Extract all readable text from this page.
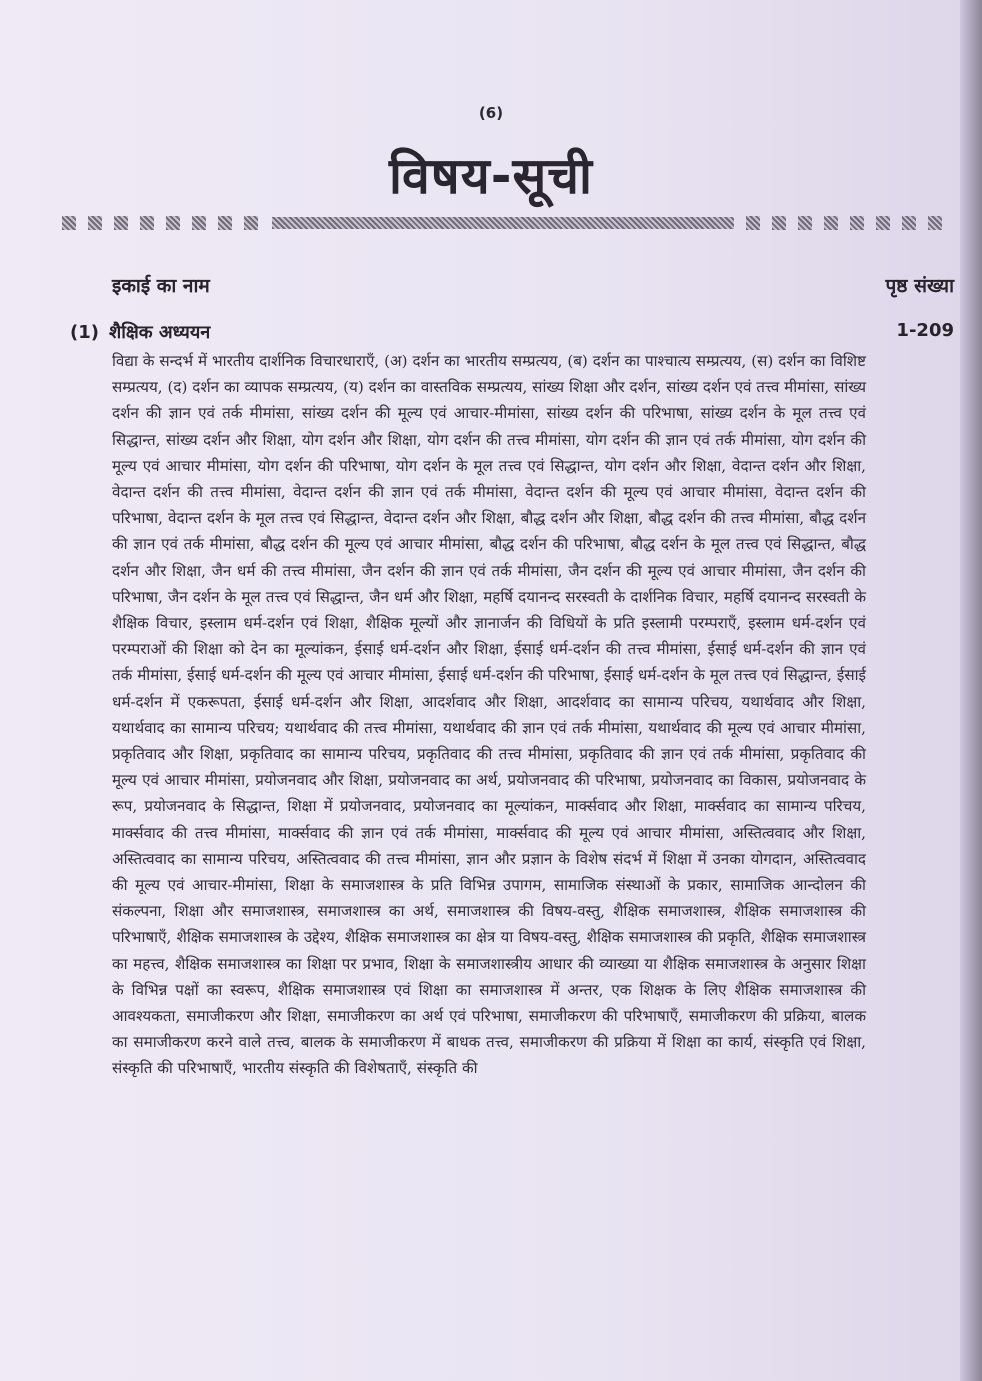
(6)
विषय-सूची
इकाई का नाम	पृष्ठ संख्या
(1) शैक्षिक अध्ययन	1-209
विद्या के सन्दर्भ में भारतीय दार्शनिक विचारधाराएँ, (अ) दर्शन का भारतीय सम्प्रत्यय, (ब) दर्शन का पाश्चात्य सम्प्रत्यय, (स) दर्शन का विशिष्ट सम्प्रत्यय, (द) दर्शन का व्यापक सम्प्रत्यय, (य) दर्शन का वास्तविक सम्प्रत्यय, सांख्य शिक्षा और दर्शन, सांख्य दर्शन एवं तत्त्व मीमांसा, सांख्य दर्शन की ज्ञान एवं तर्क मीमांसा, सांख्य दर्शन की मूल्य एवं आचार-मीमांसा, सांख्य दर्शन की परिभाषा, सांख्य दर्शन के मूल तत्त्व एवं सिद्धान्त, सांख्य दर्शन और शिक्षा, योग दर्शन और शिक्षा, योग दर्शन की तत्त्व मीमांसा, योग दर्शन की ज्ञान एवं तर्क मीमांसा, योग दर्शन की मूल्य एवं आचार मीमांसा, योग दर्शन की परिभाषा, योग दर्शन के मूल तत्त्व एवं सिद्धान्त, योग दर्शन और शिक्षा, वेदान्त दर्शन और शिक्षा, वेदान्त दर्शन की तत्त्व मीमांसा, वेदान्त दर्शन की ज्ञान एवं तर्क मीमांसा, वेदान्त दर्शन की मूल्य एवं आचार मीमांसा, वेदान्त दर्शन की परिभाषा, वेदान्त दर्शन के मूल तत्त्व एवं सिद्धान्त, वेदान्त दर्शन और शिक्षा, बौद्ध दर्शन और शिक्षा, बौद्ध दर्शन की तत्त्व मीमांसा, बौद्ध दर्शन की ज्ञान एवं तर्क मीमांसा, बौद्ध दर्शन की मूल्य एवं आचार मीमांसा, बौद्ध दर्शन की परिभाषा, बौद्ध दर्शन के मूल तत्त्व एवं सिद्धान्त, बौद्ध दर्शन और शिक्षा, जैन धर्म की तत्त्व मीमांसा, जैन दर्शन की ज्ञान एवं तर्क मीमांसा, जैन दर्शन की मूल्य एवं आचार मीमांसा, जैन दर्शन की परिभाषा, जैन दर्शन के मूल तत्त्व एवं सिद्धान्त, जैन धर्म और शिक्षा, महर्षि दयानन्द सरस्वती के दार्शनिक विचार, महर्षि दयानन्द सरस्वती के शैक्षिक विचार, इस्लाम धर्म-दर्शन एवं शिक्षा, शैक्षिक मूल्यों और ज्ञानार्जन की विधियों के प्रति इस्लामी परम्पराएँ, इस्लाम धर्म-दर्शन एवं परम्पराओं की शिक्षा को देन का मूल्यांकन, ईसाई धर्म-दर्शन और शिक्षा, ईसाई धर्म-दर्शन की तत्त्व मीमांसा, ईसाई धर्म-दर्शन की ज्ञान एवं तर्क मीमांसा, ईसाई धर्म-दर्शन की मूल्य एवं आचार मीमांसा, ईसाई धर्म-दर्शन की परिभाषा, ईसाई धर्म-दर्शन के मूल तत्त्व एवं सिद्धान्त, ईसाई धर्म-दर्शन में एकरूपता, ईसाई धर्म-दर्शन और शिक्षा, आदर्शवाद और शिक्षा, आदर्शवाद का सामान्य परिचय, यथार्थवाद और शिक्षा, यथार्थवाद का सामान्य परिचय; यथार्थवाद की तत्त्व मीमांसा, यथार्थवाद की ज्ञान एवं तर्क मीमांसा, यथार्थवाद की मूल्य एवं आचार मीमांसा, प्रकृतिवाद और शिक्षा, प्रकृतिवाद का सामान्य परिचय, प्रकृतिवाद की तत्त्व मीमांसा, प्रकृतिवाद की ज्ञान एवं तर्क मीमांसा, प्रकृतिवाद की मूल्य एवं आचार मीमांसा, प्रयोजनवाद और शिक्षा, प्रयोजनवाद का अर्थ, प्रयोजनवाद की परिभाषा, प्रयोजनवाद का विकास, प्रयोजनवाद के रूप, प्रयोजनवाद के सिद्धान्त, शिक्षा में प्रयोजनवाद, प्रयोजनवाद का मूल्यांकन, मार्क्सवाद और शिक्षा, मार्क्सवाद का सामान्य परिचय, मार्क्सवाद की तत्त्व मीमांसा, मार्क्सवाद की ज्ञान एवं तर्क मीमांसा, मार्क्सवाद की मूल्य एवं आचार मीमांसा, अस्तित्ववाद और शिक्षा, अस्तित्ववाद का सामान्य परिचय, अस्तित्ववाद की तत्त्व मीमांसा, ज्ञान और प्रज्ञान के विशेष संदर्भ में शिक्षा में उनका योगदान, अस्तित्ववाद की मूल्य एवं आचार-मीमांसा, शिक्षा के समाजशास्त्र के प्रति विभिन्न उपागम, सामाजिक संस्थाओं के प्रकार, सामाजिक आन्दोलन की संकल्पना, शिक्षा और समाजशास्त्र, समाजशास्त्र का अर्थ, समाजशास्त्र की विषय-वस्तु, शैक्षिक समाजशास्त्र, शैक्षिक समाजशास्त्र की परिभाषाएँ, शैक्षिक समाजशास्त्र के उद्देश्य, शैक्षिक समाजशास्त्र का क्षेत्र या विषय-वस्तु, शैक्षिक समाजशास्त्र की प्रकृति, शैक्षिक समाजशास्त्र का महत्त्व, शैक्षिक समाजशास्त्र का शिक्षा पर प्रभाव, शिक्षा के समाजशास्त्रीय आधार की व्याख्या या शैक्षिक समाजशास्त्र के अनुसार शिक्षा के विभिन्न पक्षों का स्वरूप, शैक्षिक समाजशास्त्र एवं शिक्षा का समाजशास्त्र में अन्तर, एक शिक्षक के लिए शैक्षिक समाजशास्त्र की आवश्यकता, समाजीकरण और शिक्षा, समाजीकरण का अर्थ एवं परिभाषा, समाजीकरण की परिभाषाएँ, समाजीकरण की प्रक्रिया, बालक का समाजीकरण करने वाले तत्त्व, बालक के समाजीकरण में बाधक तत्त्व, समाजीकरण की प्रक्रिया में शिक्षा का कार्य, संस्कृति एवं शिक्षा, संस्कृति की परिभाषाएँ, भारतीय संस्कृति की विशेषताएँ, संस्कृति की
